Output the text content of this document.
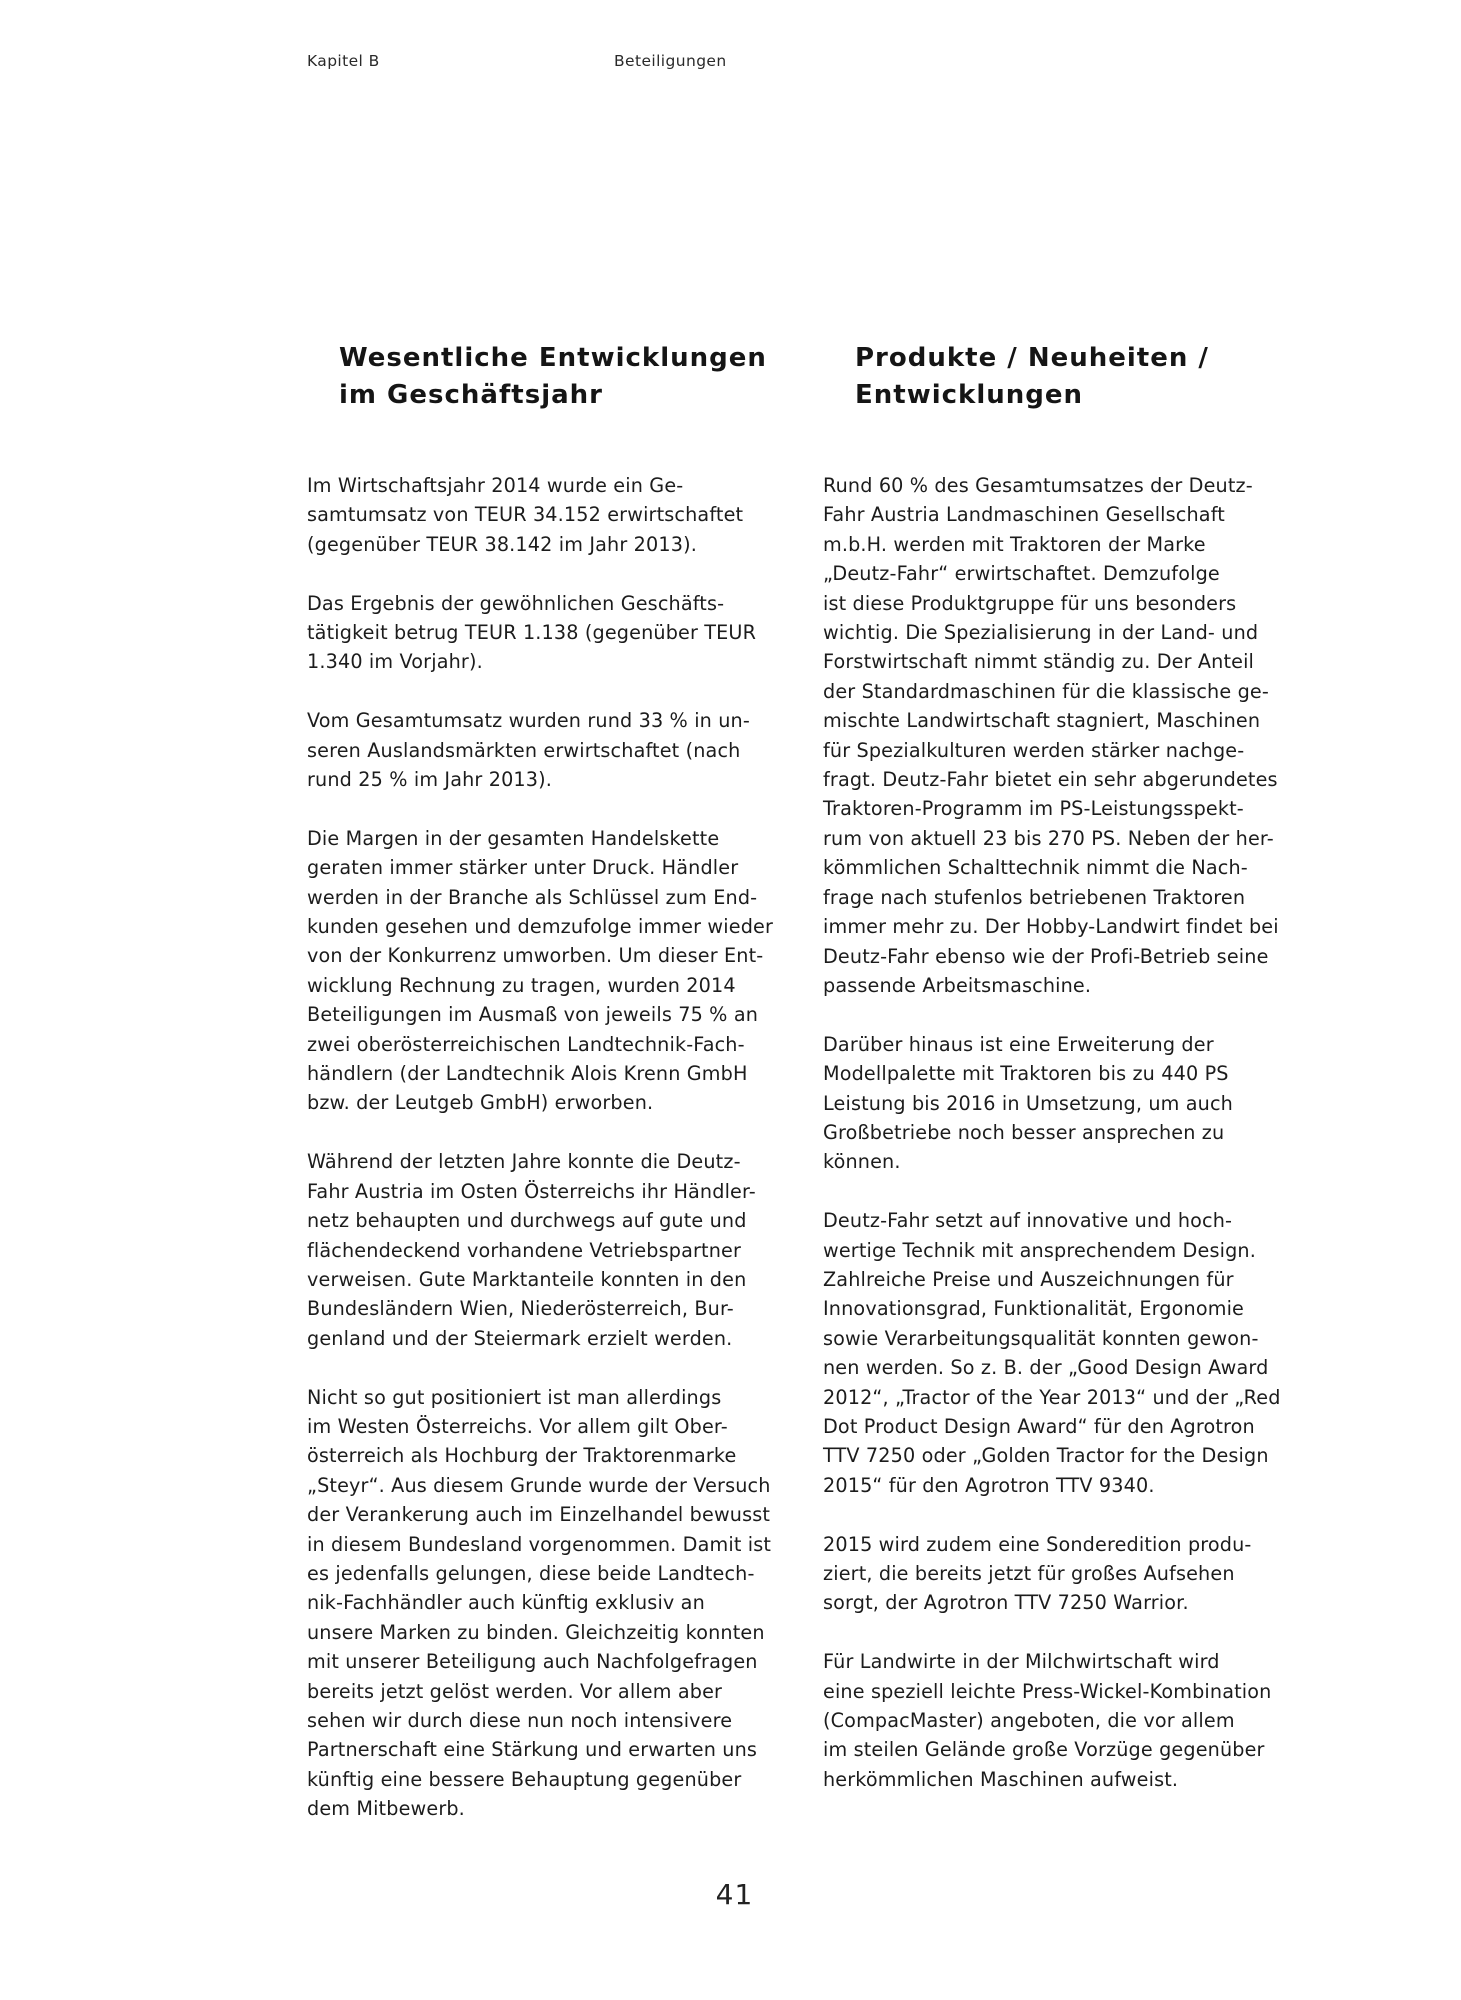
Kapitel B	Beteiligungen
Wesentliche Entwicklungen
im Geschäftsjahr

Im Wirtschaftsjahr 2014 wurde ein Ge-
samtumsatz von TEUR 34.152 erwirtschaftet
(gegenüber TEUR 38.142 im Jahr 2013).

Das Ergebnis der gewöhnlichen Geschäfts-
tätigkeit betrug TEUR 1.138 (gegenüber TEUR
1.340 im Vorjahr).

Vom Gesamtumsatz wurden rund 33 % in un-
seren Auslandsmärkten erwirtschaftet (nach
rund 25 % im Jahr 2013).

Die Margen in der gesamten Handelskette
geraten immer stärker unter Druck. Händler
werden in der Branche als Schlüssel zum End-
kunden gesehen und demzufolge immer wieder
von der Konkurrenz umworben. Um dieser Ent-
wicklung Rechnung zu tragen, wurden 2014
Beteiligungen im Ausmaß von jeweils 75 % an
zwei oberösterreichischen Landtechnik-Fach-
händlern (der Landtechnik Alois Krenn GmbH
bzw. der Leutgeb GmbH) erworben.

Während der letzten Jahre konnte die Deutz-
Fahr Austria im Osten Österreichs ihr Händler-
netz behaupten und durchwegs auf gute und
flächendeckend vorhandene Vetriebspartner
verweisen. Gute Marktanteile konnten in den
Bundesländern Wien, Niederösterreich, Bur-
genland und der Steiermark erzielt werden.

Nicht so gut positioniert ist man allerdings
im Westen Österreichs. Vor allem gilt Ober-
österreich als Hochburg der Traktorenmarke
„Steyr“. Aus diesem Grunde wurde der Versuch
der Verankerung auch im Einzelhandel bewusst
in diesem Bundesland vorgenommen. Damit ist
es jedenfalls gelungen, diese beide Landtech-
nik-Fachhändler auch künftig exklusiv an
unsere Marken zu binden. Gleichzeitig konnten
mit unserer Beteiligung auch Nachfolgefragen
bereits jetzt gelöst werden. Vor allem aber
sehen wir durch diese nun noch intensivere
Partnerschaft eine Stärkung und erwarten uns
künftig eine bessere Behauptung gegenüber
dem Mitbewerb.

Produkte / Neuheiten /
Entwicklungen

Rund 60 % des Gesamtumsatzes der Deutz-
Fahr Austria Landmaschinen Gesellschaft
m.b.H. werden mit Traktoren der Marke
„Deutz-Fahr“ erwirtschaftet. Demzufolge
ist diese Produktgruppe für uns besonders
wichtig. Die Spezialisierung in der Land- und
Forstwirtschaft nimmt ständig zu. Der Anteil
der Standardmaschinen für die klassische ge-
mischte Landwirtschaft stagniert, Maschinen
für Spezialkulturen werden stärker nachge-
fragt. Deutz-Fahr bietet ein sehr abgerundetes
Traktoren-Programm im PS-Leistungsspekt-
rum von aktuell 23 bis 270 PS. Neben der her-
kömmlichen Schalttechnik nimmt die Nach-
frage nach stufenlos betriebenen Traktoren
immer mehr zu. Der Hobby-Landwirt findet bei
Deutz-Fahr ebenso wie der Profi-Betrieb seine
passende Arbeitsmaschine.

Darüber hinaus ist eine Erweiterung der
Modellpalette mit Traktoren bis zu 440 PS
Leistung bis 2016 in Umsetzung, um auch
Großbetriebe noch besser ansprechen zu
können.

Deutz-Fahr setzt auf innovative und hoch-
wertige Technik mit ansprechendem Design.
Zahlreiche Preise und Auszeichnungen für
Innovationsgrad, Funktionalität, Ergonomie
sowie Verarbeitungsqualität konnten gewon-
nen werden. So z. B. der „Good Design Award
2012“, „Tractor of the Year 2013“ und der „Red
Dot Product Design Award“ für den Agrotron
TTV 7250 oder „Golden Tractor for the Design
2015“ für den Agrotron TTV 9340.

2015 wird zudem eine Sonderedition produ-
ziert, die bereits jetzt für großes Aufsehen
sorgt, der Agrotron TTV 7250 Warrior.

Für Landwirte in der Milchwirtschaft wird
eine speziell leichte Press-Wickel-Kombination
(CompacMaster) angeboten, die vor allem
im steilen Gelände große Vorzüge gegenüber
herkömmlichen Maschinen aufweist.

41
